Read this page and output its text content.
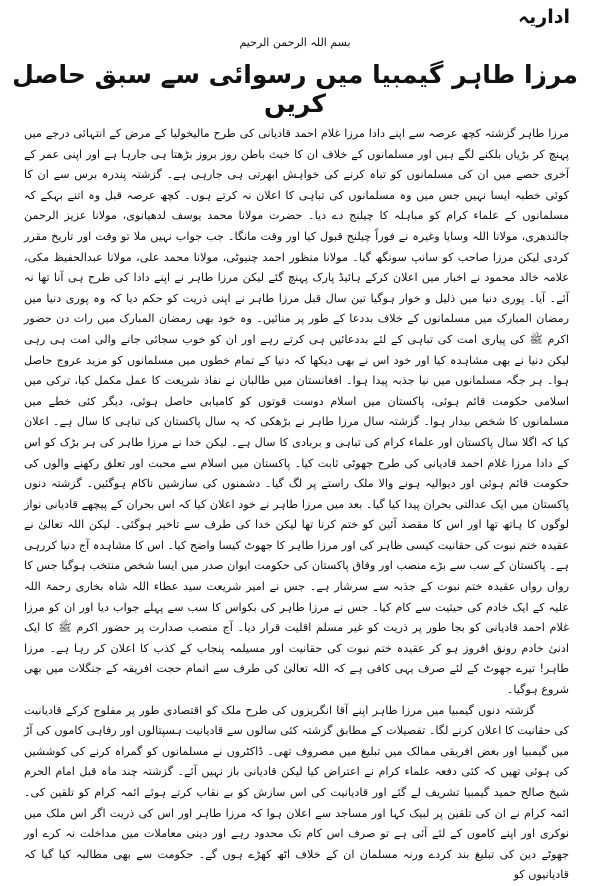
اداریہ
بسم اللہ الرحمن الرحیم
مرزا طاہر گیمبیا میں رسوائی سے سبق حاصل کریں

مرزا طاہر گزشتہ کچھ عرصہ سے اپنے دادا مرزا غلام احمد قادیانی کی طرح مالیخولیا کے مرض کے انتہائی درجے میں پہنچ کر بڑیاں بلکنے لگے ہیں اور مسلمانوں کے خلاف ان کا خبث باطن روز بروز بڑھتا ہی جارہا ہے اور اپنی عمر کے آخری حصے میں ان کی مسلمانوں کو تباہ کرنے کی خواہش ابھرتی ہی جارہی ہے۔ گزشتہ پندرہ برس سے ان کا کوئی خطبہ ایسا نہیں جس میں وہ مسلمانوں کی تباہی کا اعلان نہ کرتے ہوں۔ کچھ عرصہ قبل وہ اتنے بہکے کہ مسلمانوں کے علماء کرام کو مباہلہ کا چیلنج دے دیا۔ حضرت مولانا محمد یوسف لدھیانوی، مولانا عزیز الرحمن جالندھری، مولانا اللہ وسایا وغیرہ نے فوراً چیلنج قبول کیا اور وقت مانگا۔ جب جواب نہیں ملا تو وقت اور تاریخ مقرر کردی لیکن مرزا صاحب کو سانپ سونگھ گیا۔ مولانا منظور احمد چنیوٹی، مولانا محمد علی، مولانا عبدالحفیظ مکی، علامہ خالد محمود نے اخبار میں اعلان کرکے ہائیڈ پارک پہنچ گئے لیکن مرزا طاہر نے اپنے دادا کی طرح ہی آنا تھا نہ آئے۔ آیا۔ پوری دنیا میں ذلیل و خوار ہوگیا تین سال قبل مرزا طاہر نے اپنی ذریت کو حکم دیا کہ وہ پوری دنیا میں رمضان المبارک میں مسلمانوں کے خلاف بددعا کے طور پر منائیں۔ وہ خود بھی رمضان المبارک میں رات دن حضور اکرم ﷺ کی پیاری امت کی تباہی کے لئے بددعائیں ہی کرتے رہے اور ان کو خوب سجائی جانے والی امت ہی رہی لیکن دنیا نے بھی مشاہدہ کیا اور خود اس نے بھی دیکھا کہ دنیا کے تمام خطوں میں مسلمانوں کو مزید عروج حاصل ہوا۔ ہر جگہ مسلمانوں میں نیا جذبہ پیدا ہوا۔ افغانستان میں طالبان نے نفاذ شریعت کا عمل مکمل کیا، ترکی میں اسلامی حکومت قائم ہوئی، پاکستان میں اسلام دوست قوتوں کو کامیابی حاصل ہوئی، دیگر کئی خطے میں مسلمانوں کا شخص بیدار ہوا۔ گزشتہ سال مرزا طاہر نے بڑھکی کہ یہ سال پاکستان کی تباہی کا سال ہے۔ اعلان کیا کہ اگلا سال پاکستان اور علماء کرام کی تباہی و بربادی کا سال ہے۔ لیکن خدا نے مرزا طاہر کی ہر بڑک کو اس کے دادا مرزا غلام احمد قادیانی کی طرح جھوٹی ثابت کیا۔ پاکستان میں اسلام سے محبت اور تعلق رکھنے والوں کی حکومت قائم ہوئی اور دیوالیہ ہونے والا ملک راستے پر لگ گیا۔ دشمنوں کی سازشیں ناکام ہوگئیں۔ گزشتہ دنوں پاکستان میں ایک عدالتی بحران پیدا کیا گیا۔ بعد میں مرزا طاہر نے خود اعلان کیا کہ اس بحران کے پیچھے قادیانی نواز لوگوں کا ہاتھ تھا اور اس کا مقصد آئین کو ختم کرنا تھا لیکن خدا کی طرف سے تاخیر ہوگئی۔ لیکن اللہ تعالیٰ نے عقیدہ ختم نبوت کی حقانیت کیسی ظاہر کی اور مرزا طاہر کا جھوٹ کیسا واضح کیا۔ اس کا مشاہدہ آج دنیا کررہی ہے۔ پاکستان کے سب سے بڑے منصب اور وفاق پاکستان کی حکومت ایوان صدر میں ایسا شخص منتخب ہوگیا جس کا رواں رواں عقیدہ ختم نبوت کے جذبہ سے سرشار ہے۔ جس نے امیر شریعت سید عطاء اللہ شاہ بخاری رحمۃ اللہ علیہ کے ایک خادم کی حیثیت سے کام کیا۔ جس نے مرزا طاہر کی بکواس کا سب سے پہلے جواب دیا اور ان کو مرزا غلام احمد قادیانی کو بجا طور پر ذریت کو غیر مسلم اقلیت قرار دیا۔ آج منصب صدارت پر حضور اکرم ﷺ کا ایک ادنیٰ خادم رونق افروز ہو کر عقیدہ ختم نبوت کی حقانیت اور مسیلمہ پنجاب کے کذب کا اعلان کر رہا ہے۔ مرزا طاہر! تیرے جھوٹ کے لئے صرف یہی کافی ہے کہ اللہ تعالیٰ کی طرف سے اتمام حجت افریقہ کے جنگلات میں بھی شروع ہوگیا۔

گزشتہ دنوں گیمبیا میں مرزا طاہر اپنے آقا انگریزوں کی طرح ملک کو اقتصادی طور پر مفلوج کرکے قادیانیت کی حقانیت کا اعلان کرنے لگا۔ تفصیلات کے مطابق گزشتہ کئی سالوں سے قادیانیت ہسپتالوں اور رفاہی کاموں کی آڑ میں گیمبیا اور بعض افریقی ممالک میں تبلیغ میں مصروف تھی۔ ڈاکٹروں نے مسلمانوں کو گمراہ کرنے کی کوششیں کی ہوئی تھیں کہ کئی دفعہ علماء کرام نے اعتراض کیا لیکن قادیانی باز نہیں آئے۔ گزشتہ چند ماہ قبل امام الحرم شیخ صالح حمید گیمبیا تشریف لے گئے اور قادیانیت کی اس سازش کو بے نقاب کرتے ہوئے ائمہ کرام کو تلقین کی۔ ائمہ کرام نے ان کی تلقین پر لبیک کہا اور مساجد سے اعلان ہوا کہ مرزا طاہر اور اس کی ذریت اگر اس ملک میں نوکری اور اپنے کاموں کے لئے آئی ہے تو صرف اس کام تک محدود رہے اور دینی معاملات میں مداخلت نہ کرے اور جھوٹے دین کی تبلیغ بند کردے ورنہ مسلمان ان کے خلاف اٹھ کھڑے ہوں گے۔ حکومت سے بھی مطالبہ کیا گیا کہ قادیانیوں کو
